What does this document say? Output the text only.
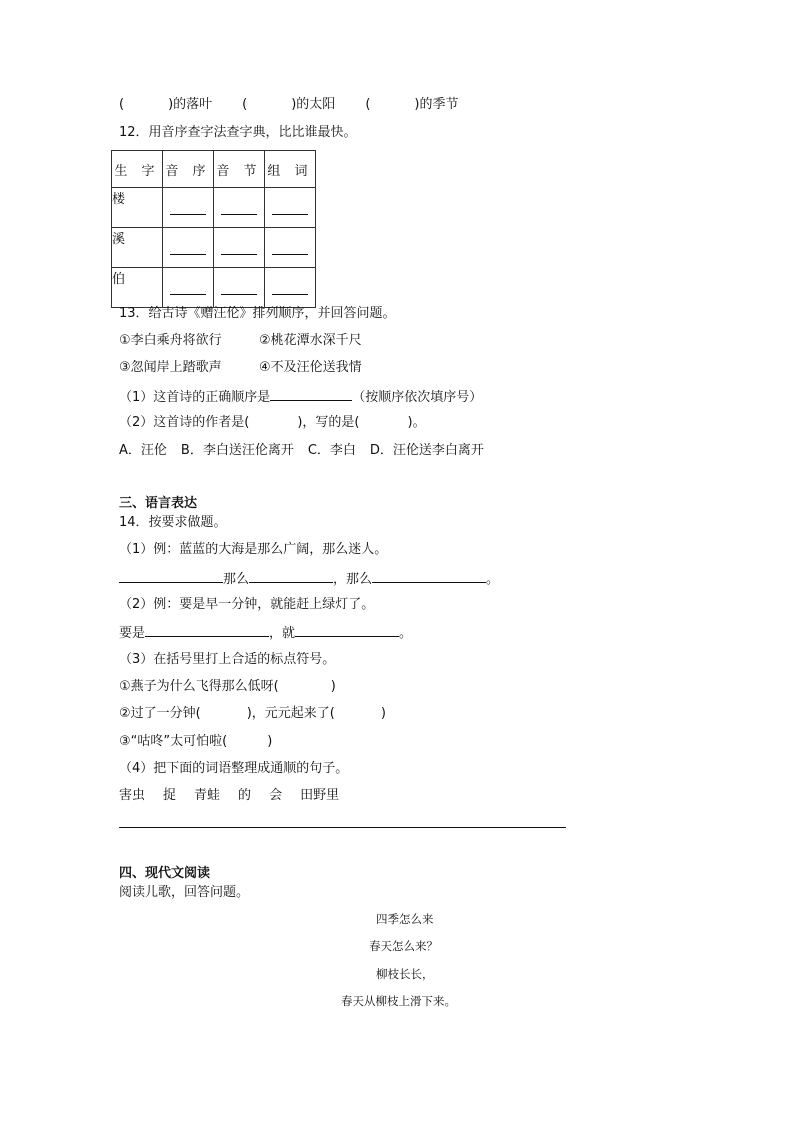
(	)的落叶 (	)的太阳 (	)的季节
12．用音序查字法查字典，比比谁最快。
生 字	音 序	音 节	组 词
楼	

溪	

伯	

13．给古诗《赠汪伦》排列顺序，并回答问题。
①李白乘舟将欲行	②桃花潭水深千尺
③忽闻岸上踏歌声	④不及汪伦送我情
（1）这首诗的正确顺序是	（按顺序依次填序号）
（2）这首诗的作者是(	)，写的是(	)。
A．汪伦 B．李白送汪伦离开 C．李白 D．汪伦送李白离开
三、语言表达
14．按要求做题。
（1）例：蓝蓝的大海是那么广阔，那么迷人。
那么	，那么	。
（2）例：要是早一分钟，就能赶上绿灯了。
要是	，就	。
（3）在括号里打上合适的标点符号。
①燕子为什么飞得那么低呀(	)
②过了一分钟(	)，元元起来了(	)
③“咕咚”太可怕啦(	)
（4）把下面的词语整理成通顺的句子。
害虫 捉 青蛙 的 会 田野里
四、现代文阅读
阅读儿歌，回答问题。
四季怎么来
春天怎么来？
柳枝长长，
春天从柳枝上滑下来。
